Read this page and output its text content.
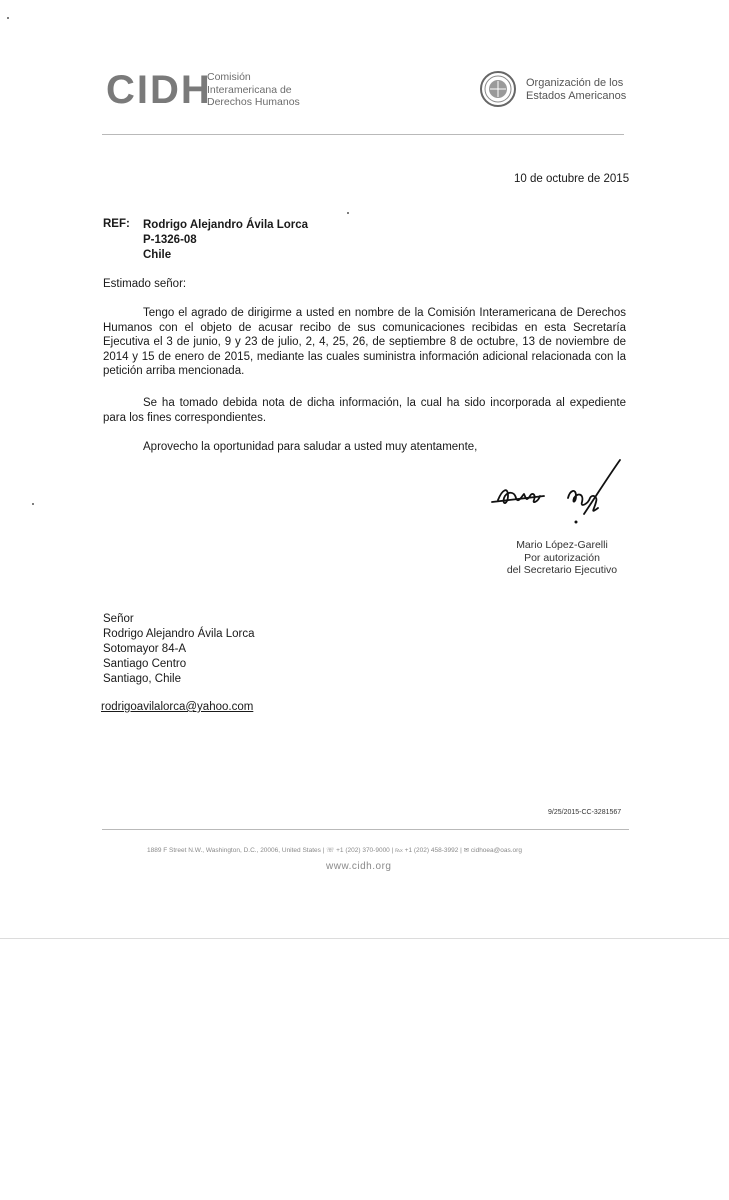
CIDH
Comisión
Interamericana de
Derechos Humanos
Organización de los
Estados Americanos
10 de octubre de 2015
REF: Rodrigo Alejandro Ávila Lorca
P-1326-08
Chile
Estimado señor:
Tengo el agrado de dirigirme a usted en nombre de la Comisión Interamericana de Derechos Humanos con el objeto de acusar recibo de sus comunicaciones recibidas en esta Secretaría Ejecutiva el 3 de junio, 9 y 23 de julio, 2, 4, 25, 26, de septiembre 8 de octubre, 13 de noviembre de 2014 y 15 de enero de 2015, mediante las cuales suministra información adicional relacionada con la petición arriba mencionada.
Se ha tomado debida nota de dicha información, la cual ha sido incorporada al expediente para los fines correspondientes.
Aprovecho la oportunidad para saludar a usted muy atentamente,
Mario López-Garelli
Por autorización
del Secretario Ejecutivo
Señor
Rodrigo Alejandro Ávila Lorca
Sotomayor 84-A
Santiago Centro
Santiago, Chile
rodrigoavilalorca@yahoo.com
9/25/2015-CC-3281567
1889 F Street N.W., Washington, D.C., 20006, United States | ☏ +1 (202) 370-9000 | ℻ +1 (202) 458-3992 | ✉ cidhoea@oas.org
www.cidh.org
